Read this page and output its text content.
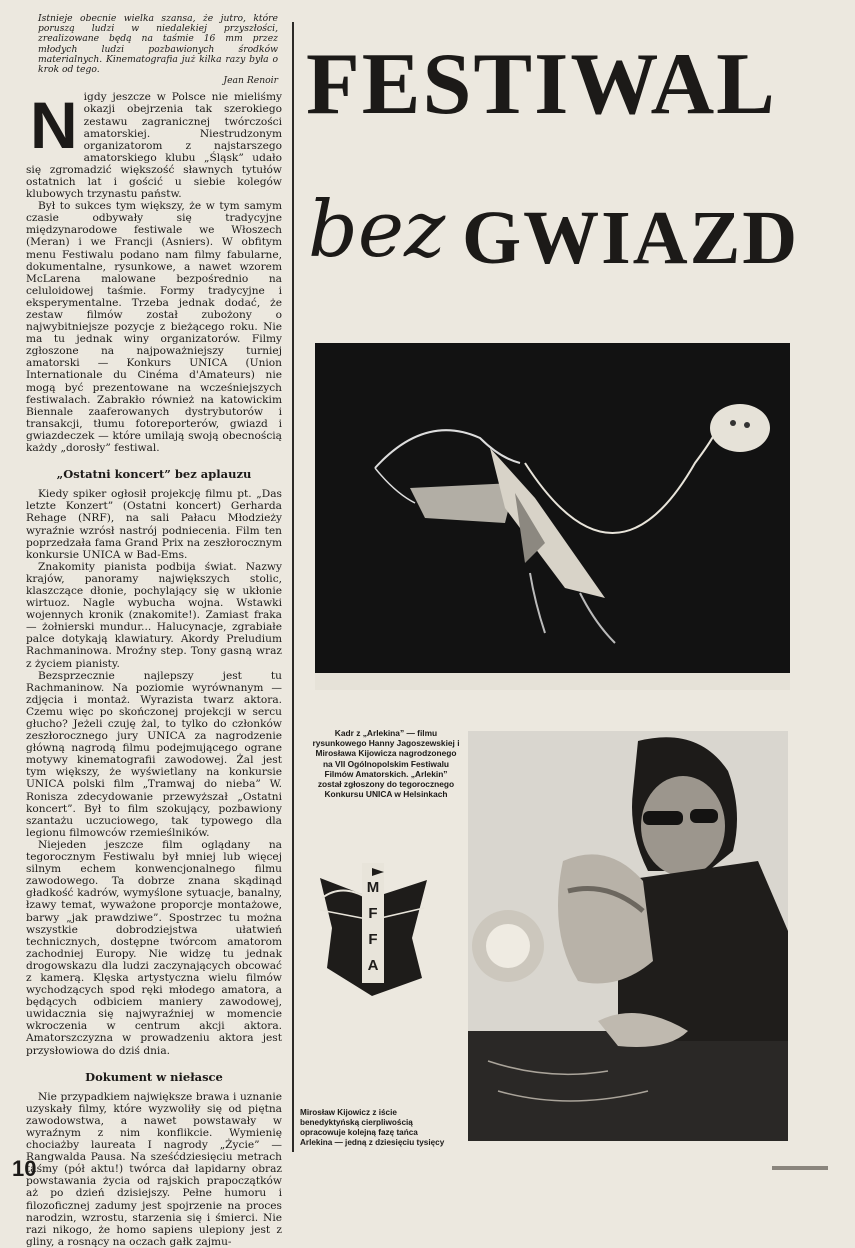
Istnieje obecnie wielka szansa, że jutro, które poruszą ludzi w niedalekiej przyszłości, zrealizowane będą na taśmie 16 mm przez młodych ludzi pozbawionych środków materialnych. Kinematografia już kilka razy była o krok od tego.
Jean Renoir

Nigdy jeszcze w Polsce nie mieliśmy okazji obejrzenia tak szerokiego zestawu zagranicznej twórczości amatorskiej. Niestrudzonym organizatorom z najstarszego amatorskiego klubu „Śląsk” udało się zgromadzić większość sławnych tytułów ostatnich lat i gościć u siebie kolegów klubowych trzynastu państw.

Był to sukces tym większy, że w tym samym czasie odbywały się tradycyjne międzynarodowe festiwale we Włoszech (Meran) i we Francji (Asniers). W obfitym menu Festiwalu podano nam filmy fabularne, dokumentalne, rysunkowe, a nawet wzorem McLarena malowane bezpośrednio na celuloidowej taśmie. Formy tradycyjne i eksperymentalne. Trzeba jednak dodać, że zestaw filmów został zubożony o najwybitniejsze pozycje z bieżącego roku. Nie ma tu jednak winy organizatorów. Filmy zgłoszone na najpoważniejszy turniej amatorski — Konkurs UNICA (Union Internationale du Cinéma d'Amateurs) nie mogą być prezentowane na wcześniejszych festiwalach. Zabrakło również na katowickim Biennale zaaferowanych dystrybutorów i transakcji, tłumu fotoreporterów, gwiazd i gwiazdeczek — które umilają swoją obecnością każdy „dorosły” festiwal.

„Ostatni koncert” bez aplauzu

Kiedy spiker ogłosił projekcję filmu pt. „Das letzte Konzert” (Ostatni koncert) Gerharda Rehage (NRF), na sali Pałacu Młodzieży wyraźnie wzrósł nastrój podniecenia. Film ten poprzedzała fama Grand Prix na zeszłorocznym konkursie UNICA w Bad-Ems.

Znakomity pianista podbija świat. Nazwy krajów, panoramy największych stolic, klaszczące dłonie, pochylający się w ukłonie wirtuoz. Nagle wybucha wojna. Wstawki wojennych kronik (znakomite!). Zamiast fraka — żołnierski mundur... Halucynacje, zgrabiałe palce dotykają klawiatury. Akordy Preludium Rachmaninowa. Mroźny step. Tony gasną wraz z życiem pianisty.

Bezsprzecznie najlepszy jest tu Rachmaninow. Na poziomie wyrównanym — zdjęcia i montaż. Wyrazista twarz aktora. Czemu więc po skończonej projekcji w sercu głucho? Jeżeli czuję żal, to tylko do członków zeszłorocznego jury UNICA za nagrodzenie główną nagrodą filmu podejmującego ograne motywy kinematografii zawodowej. Żal jest tym większy, że wyświetlany na konkursie UNICA polski film „Tramwaj do nieba” W. Ronisza zdecydowanie przewyższał „Ostatni koncert”. Był to film szokujący, pozbawiony szantażu uczuciowego, tak typowego dla legionu filmowców rzemieślników.

Niejeden jeszcze film oglądany na tegorocznym Festiwalu był mniej lub więcej silnym echem konwencjonalnego filmu zawodowego. Ta dobrze znana skądinąd gładkość kadrów, wymyślone sytuacje, banalny, łzawy temat, wyważone proporcje montażowe, barwy „jak prawdziwe”. Spostrzec tu można wszystkie dobrodziejstwa ułatwień technicznych, dostępne twórcom amatorom zachodniej Europy. Nie widzę tu jednak drogowskazu dla ludzi zaczynających obcować z kamerą. Klęska artystyczna wielu filmów wychodzących spod ręki młodego amatora, a będących odbiciem maniery zawodowej, uwidacznia się najwyraźniej w momencie wkroczenia w centrum akcji aktora. Amatorszczyzna w prowadzeniu aktora jest przysłowiowa do dziś dnia.

Dokument w niełasce

Nie przypadkiem największe brawa i uznanie uzyskały filmy, które wyzwoliły się od piętna zawodowstwa, a nawet powstawały w wyraźnym z nim konflikcie. Wymienię chociażby laureata I nagrody „Życie” — Rangwalda Pausa. Na sześćdziesięciu metrach taśmy (pół aktu!) twórca dał lapidarny obraz powstawania życia od rajskich prapoczątków aż po dzień dzisiejszy. Pełne humoru i filozoficznej zadumy jest spojrzenie na proces narodzin, wzrostu, starzenia się i śmierci. Nie razi nikogo, że homo sapiens ulepiony jest z gliny, a rosnący na oczach gałk zajmu-

FESTIWAL
bez GWIAZD
Kadr z „Arlekina” — filmu rysunkowego Hanny Jagoszewskiej i Mirosława Kijowicza nagrodzonego na VII Ogólnopolskim Festiwalu Filmów Amatorskich. „Arlekin” został zgłoszony do tegorocznego Konkursu UNICA w Helsinkach
M
F
F
A
Mirosław Kijowicz z iście benedyktyńską cierpliwością opracowuje kolejną fazę tańca Arlekina — jedną z dziesięciu tysięcy
10
